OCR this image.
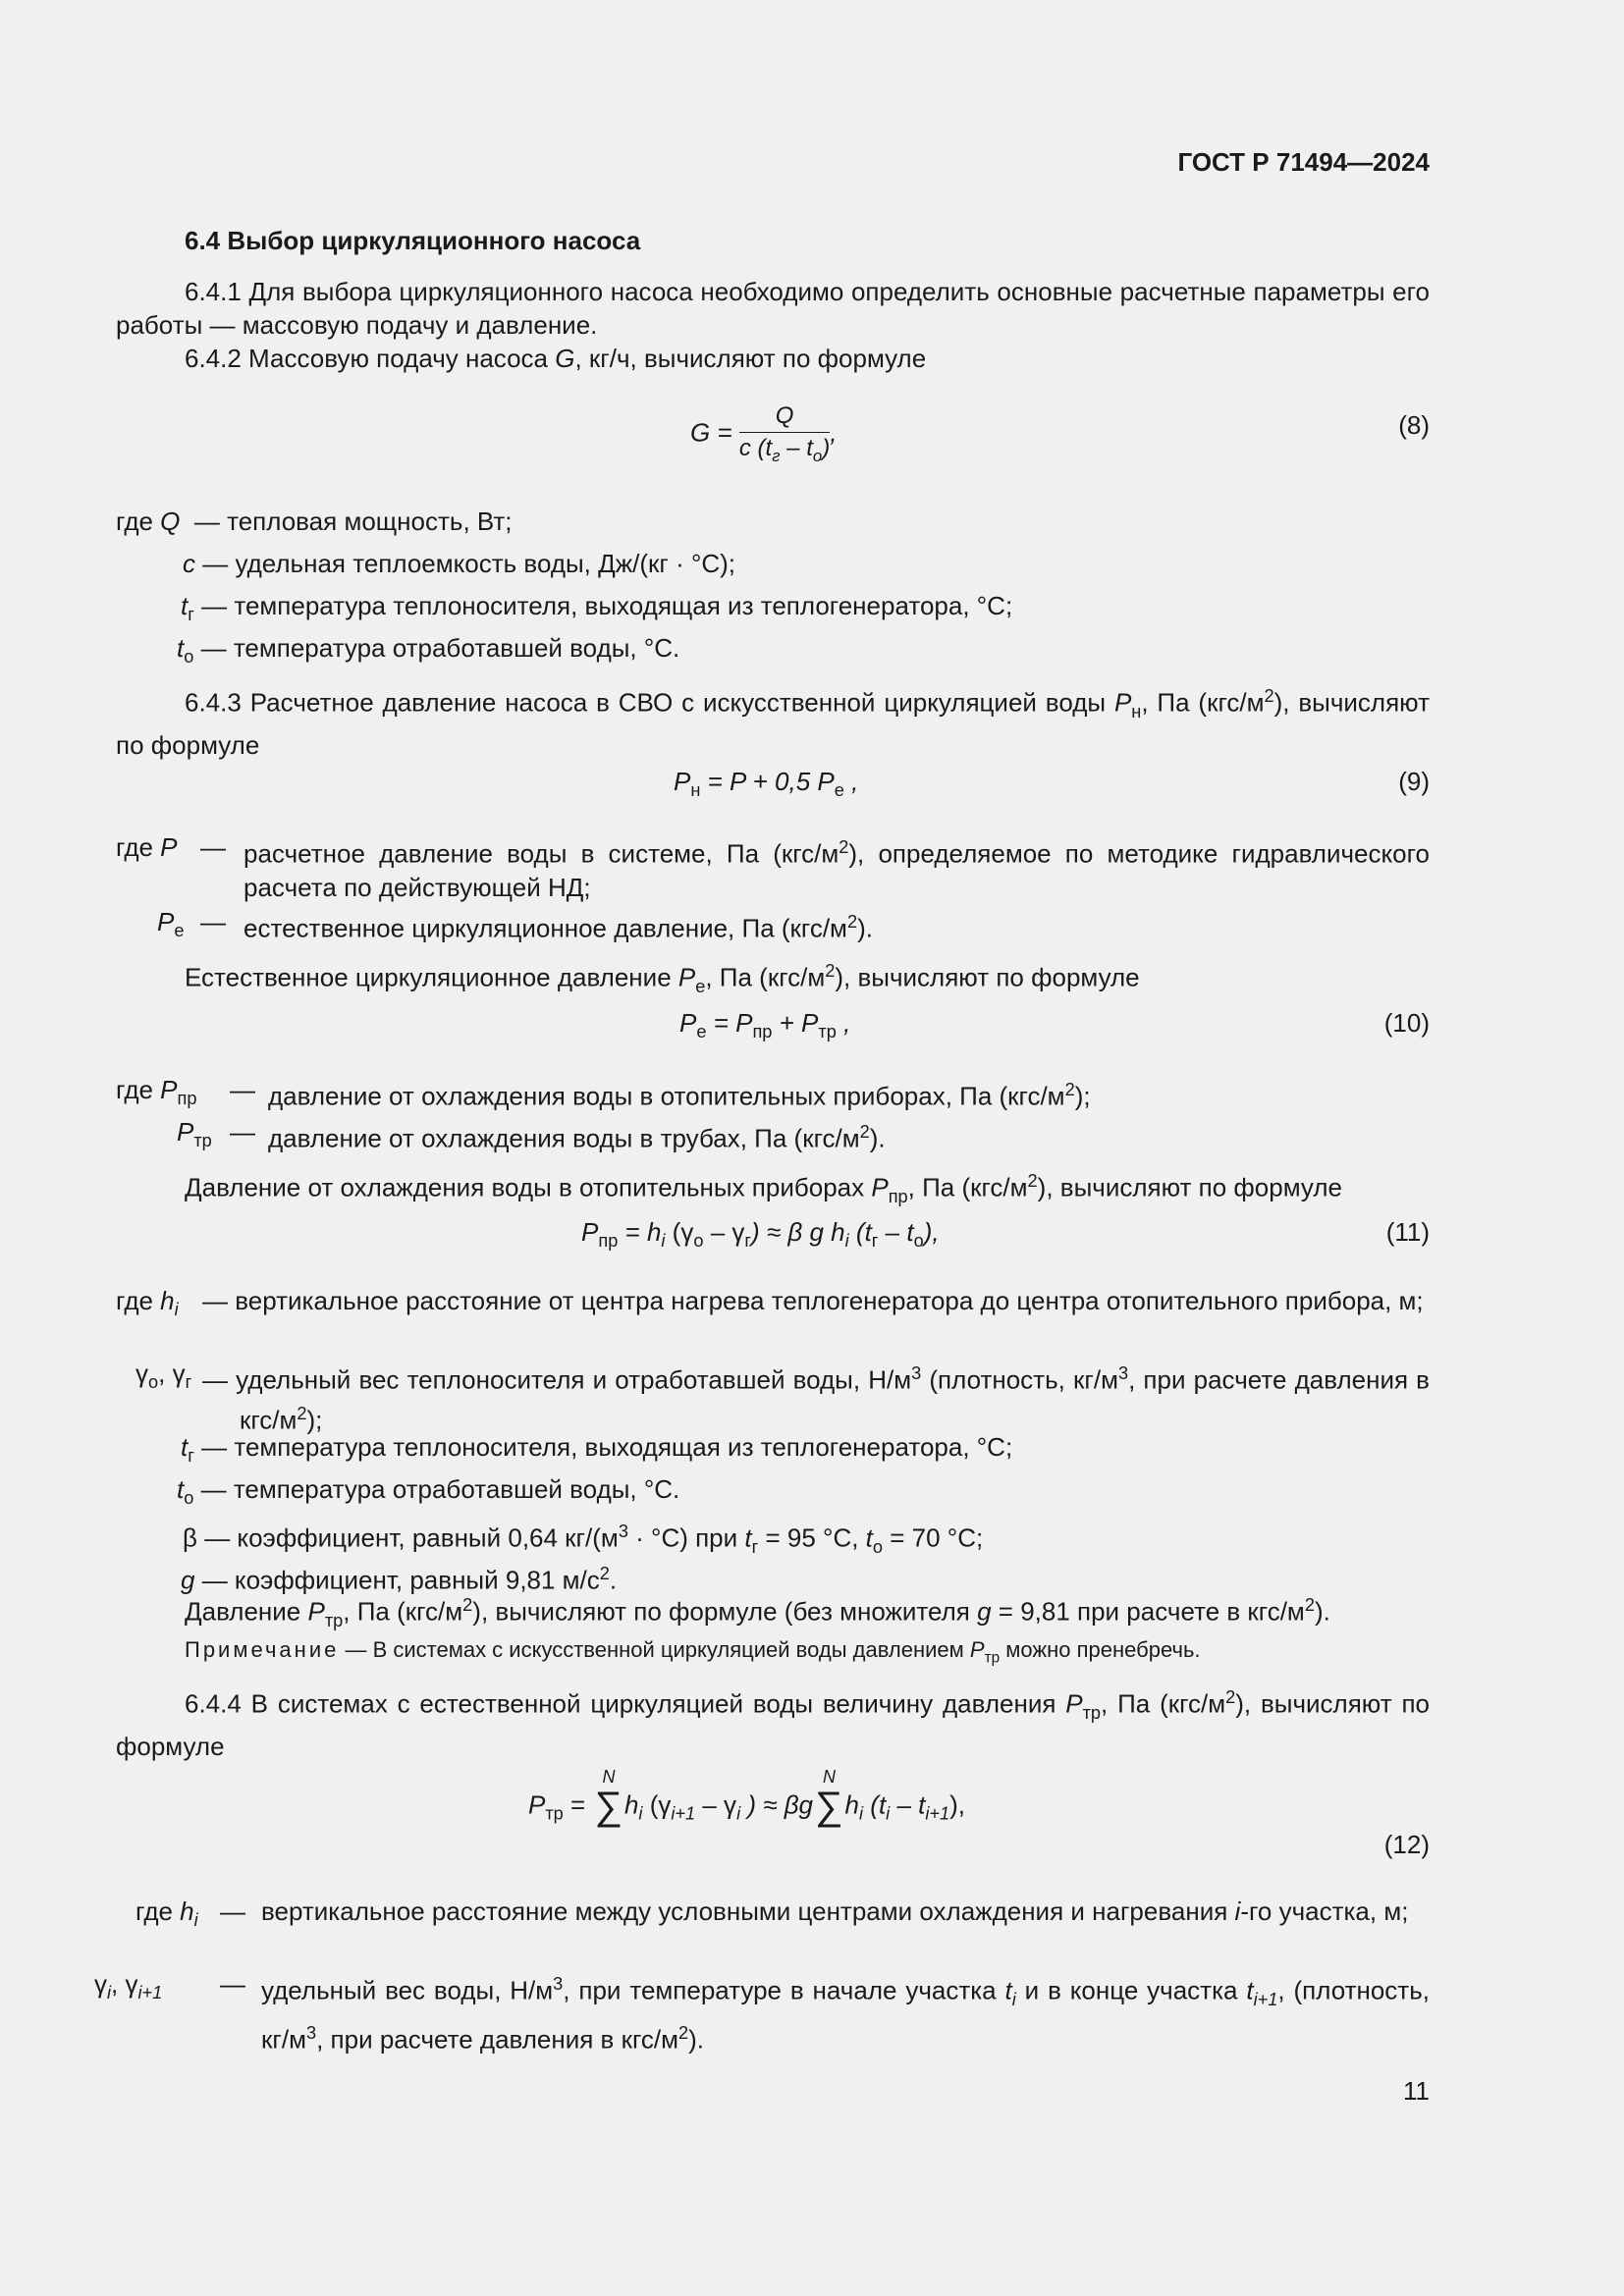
ГОСТ Р 71494—2024
6.4 Выбор циркуляционного насоса
6.4.1 Для выбора циркуляционного насоса необходимо определить основные расчетные параметры его работы — массовую подачу и давление.
6.4.2 Массовую подачу насоса G, кг/ч, вычисляют по формуле
$G = \frac{Q}{c (t_г - t_о)}$ ,	(8)
где Q — тепловая мощность, Вт;
c — удельная теплоемкость воды, Дж/(кг · °С);
$t_г$ — температура теплоносителя, выходящая из теплогенератора, °С;
$t_о$ — температура отработавшей воды, °С.
6.4.3 Расчетное давление насоса в СВО с искусственной циркуляцией воды $P_н$, Па $(кгс/м^2)$, вычисляют по формуле
$P_н = P + 0,5$ $P_е$ ,	(9)
где P — расчетное давление воды в системе, Па $(кгс/м^2)$, определяемое по методике гидравлического расчета по действующей НД;
$P_е$ — естественное циркуляционное давление, Па $(кгс/м^2)$.
Естественное циркуляционное давление $P_е$, Па $(кгс/м^2)$, вычисляют по формуле
$P_е = P_{пр} + P_{тр}$ ,	(10)
где $P_{пр}$ — давление от охлаждения воды в отопительных приборах, Па $(кгс/м^2)$;
$P_{тр}$ — давление от охлаждения воды в трубах, Па $(кгс/м^2)$.
Давление от охлаждения воды в отопительных приборах $P_{пр}$, Па $(кгс/м^2)$, вычисляют по формуле
$P_{пр} = h_i$ $(\gamma_о - \gamma_г) \approx \beta$ g $h_i$ $(t_г - t_о)$,	(11)
где $h_i$ — вертикальное расстояние от центра нагрева теплогенератора до центра отопительного прибора, м;
$\gamma_о$, $\gamma_г$ — удельный вес теплоносителя и отработавшей воды, $Н/м^3$ (плотность, $кг/м^3$, при расчете давления в кгс/$м^2$);
$t_г$ — температура теплоносителя, выходящая из теплогенератора, °С;
$t_о$ — температура отработавшей воды, °С.
β — коэффициент, равный 0,64 $кг/(м^3 \cdot ^\circ С)$ при $t_г = 95$ °С, $t_о = 70$ °С;
g — коэффициент, равный 9,81 $м/с^2$.
Давление $P_{тр}$, Па $(кгс/м^2)$, вычисляют по формуле (без множителя g = 9,81 при расчете в кгс/$м^2$).
Примечание — В системах с искусственной циркуляцией воды давлением $P_{тр}$ можно пренебречь.
6.4.4 В системах с естественной циркуляцией воды величину давления $P_{тр}$, Па $(кгс/м^2)$, вычисляют по формуле
$P_{тр}$ = ∑
N
$h_i$ ($\gamma_{i+1} - \gamma_i$ ) ≈ βg∑
N
$h_i$ $(t_i - t_{i+1})$,
(12)
где $h_i$ — вертикальное расстояние между условными центрами охлаждения и нагревания i-го участка, м;
$\gamma_i$, $\gamma_{i+1}$ — удельный вес воды, $Н/м^3$, при температуре в начале участка $t_i$ и в конце участка $t_{i+1}$, (плотность, $кг/м^3$, при расчете давления в кгс/$м^2$).
11
